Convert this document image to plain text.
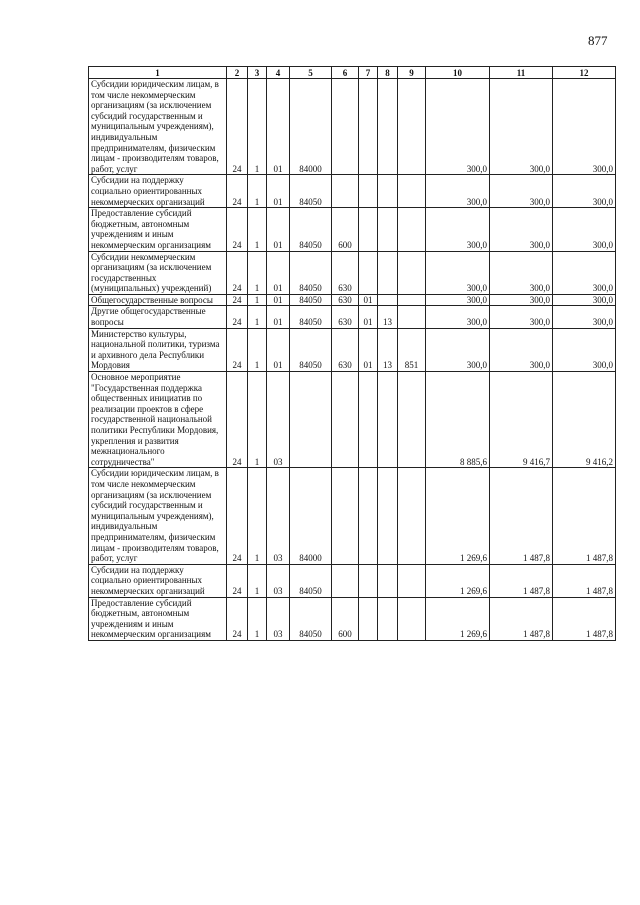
877
1	2	3	4	5	6	7	8	9	10	11	12
Субсидии юридическим лицам, в том числе некоммерческим организациям (за исключением субсидий государственным и муниципальным учреждениям), индивидуальным предпринимателям, физическим лицам - производителям товаров, работ, услуг	24	1	01	84000					300,0	300,0	300,0
Субсидии на поддержку социально ориентированных некоммерческих организаций	24	1	01	84050					300,0	300,0	300,0
Предоставление субсидий бюджетным, автономным учреждениям и иным некоммерческим организациям	24	1	01	84050	600				300,0	300,0	300,0
Субсидии некоммерческим организациям (за исключением государственных (муниципальных) учреждений)	24	1	01	84050	630				300,0	300,0	300,0
Общегосударственные вопросы	24	1	01	84050	630	01			300,0	300,0	300,0
Другие общегосударственные вопросы	24	1	01	84050	630	01	13		300,0	300,0	300,0
Министерство культуры, национальной политики, туризма и архивного дела Республики Мордовия	24	1	01	84050	630	01	13	851	300,0	300,0	300,0
Основное мероприятие "Государственная поддержка общественных инициатив по реализации проектов в сфере государственной национальной политики Республики Мордовия, укрепления и развития межнационального сотрудничества"	24	1	03						8 885,6	9 416,7	9 416,2
Субсидии юридическим лицам, в том числе некоммерческим организациям (за исключением субсидий государственным и муниципальным учреждениям), индивидуальным предпринимателям, физическим лицам - производителям товаров, работ, услуг	24	1	03	84000					1 269,6	1 487,8	1 487,8
Субсидии на поддержку социально ориентированных некоммерческих организаций	24	1	03	84050					1 269,6	1 487,8	1 487,8
Предоставление субсидий бюджетным, автономным учреждениям и иным некоммерческим организациям	24	1	03	84050	600				1 269,6	1 487,8	1 487,8
